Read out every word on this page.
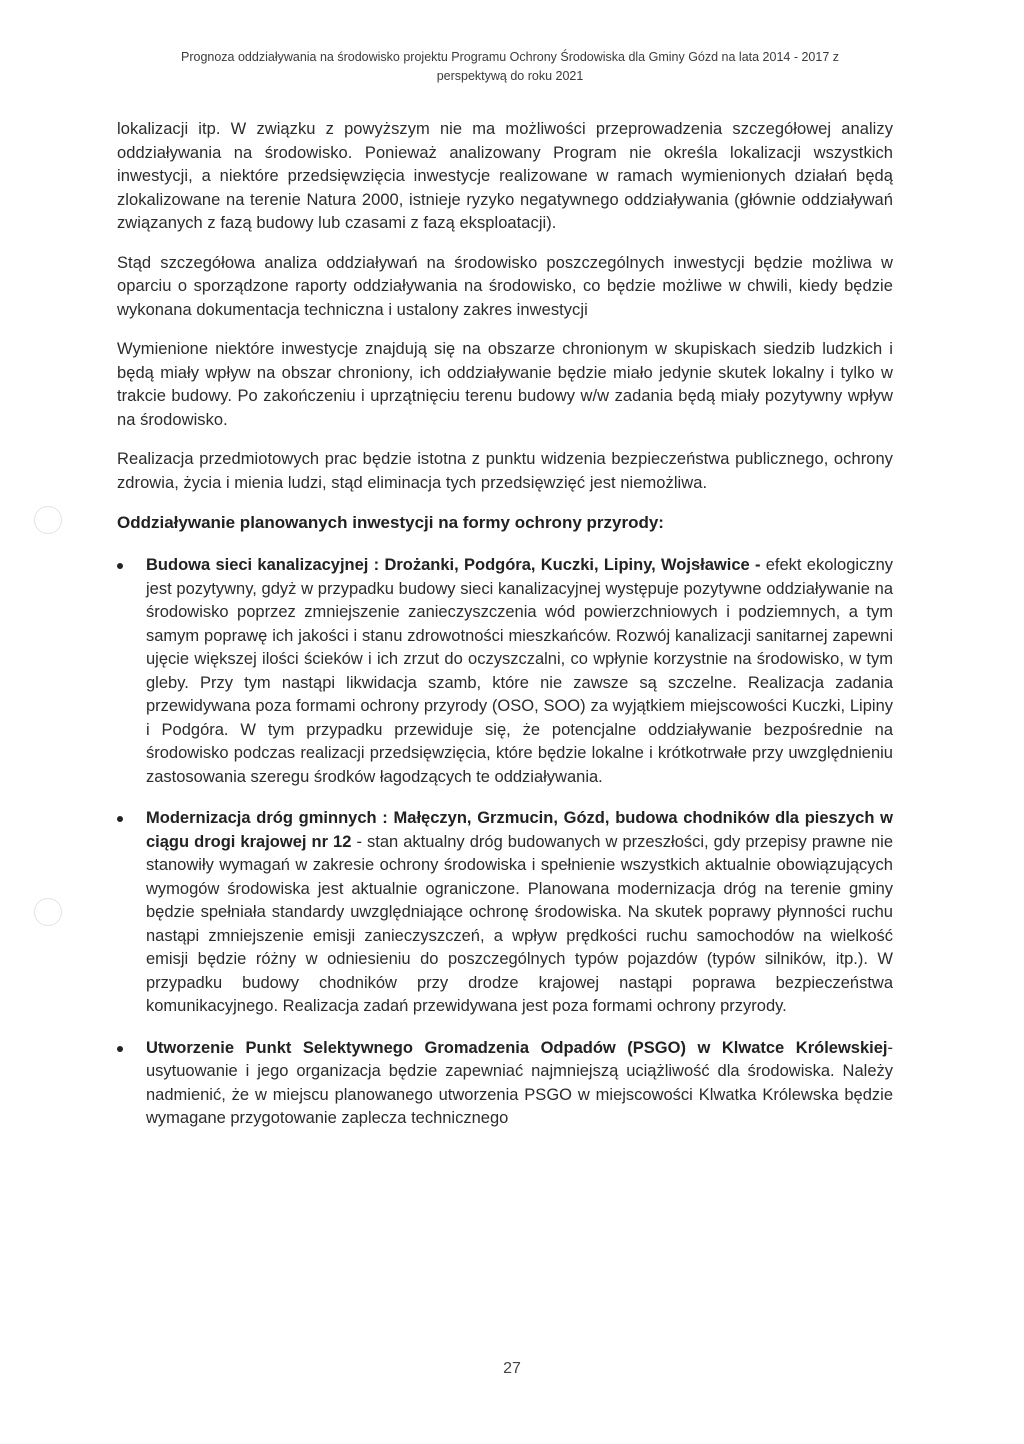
Prognoza oddziaływania na środowisko projektu Programu Ochrony Środowiska dla Gminy Gózd na lata 2014 - 2017 z
perspektywą do roku 2021

lokalizacji itp. W związku z powyższym nie ma możliwości przeprowadzenia szczegółowej analizy oddziaływania na środowisko. Ponieważ analizowany Program nie określa lokalizacji wszystkich inwestycji, a niektóre przedsięwzięcia inwestycje realizowane w ramach wymienionych działań będą zlokalizowane na terenie Natura 2000, istnieje ryzyko negatywnego oddziaływania (głównie oddziaływań związanych z fazą budowy lub czasami z fazą eksploatacji).

Stąd szczegółowa analiza oddziaływań na środowisko poszczególnych inwestycji będzie możliwa w oparciu o sporządzone raporty oddziaływania na środowisko, co będzie możliwe w chwili, kiedy będzie wykonana dokumentacja techniczna i ustalony zakres inwestycji

Wymienione niektóre inwestycje znajdują się na obszarze chronionym w skupiskach siedzib ludzkich i będą miały wpływ na obszar chroniony, ich oddziaływanie będzie miało jedynie skutek lokalny i tylko w trakcie budowy. Po zakończeniu i uprzątnięciu terenu budowy w/w zadania będą miały pozytywny wpływ na środowisko.

Realizacja przedmiotowych prac będzie istotna z punktu widzenia bezpieczeństwa publicznego, ochrony zdrowia, życia i mienia ludzi, stąd eliminacja tych przedsięwzięć jest niemożliwa.

Oddziaływanie planowanych inwestycji na formy ochrony przyrody:
Budowa sieci kanalizacyjnej : Drożanki, Podgóra, Kuczki, Lipiny, Wojsławice - efekt ekologiczny jest pozytywny, gdyż w przypadku budowy sieci kanalizacyjnej występuje pozytywne oddziaływanie na środowisko poprzez zmniejszenie zanieczyszczenia wód powierzchniowych i podziemnych, a tym samym poprawę ich jakości i stanu zdrowotności mieszkańców. Rozwój kanalizacji sanitarnej zapewni ujęcie większej ilości ścieków i ich zrzut do oczyszczalni, co wpłynie korzystnie na środowisko, w tym gleby. Przy tym nastąpi likwidacja szamb, które nie zawsze są szczelne. Realizacja zadania przewidywana poza formami ochrony przyrody (OSO, SOO) za wyjątkiem miejscowości Kuczki, Lipiny i Podgóra. W tym przypadku przewiduje się, że potencjalne oddziaływanie bezpośrednie na środowisko podczas realizacji przedsięwzięcia, które będzie lokalne i krótkotrwałe przy uwzględnieniu zastosowania szeregu środków łagodzących te oddziaływania.
Modernizacja dróg gminnych : Małęczyn, Grzmucin, Gózd, budowa chodników dla pieszych w ciągu drogi krajowej nr 12 - stan aktualny dróg budowanych w przeszłości, gdy przepisy prawne nie stanowiły wymagań w zakresie ochrony środowiska i spełnienie wszystkich aktualnie obowiązujących wymogów środowiska jest aktualnie ograniczone. Planowana modernizacja dróg na terenie gminy będzie spełniała standardy uwzględniające ochronę środowiska. Na skutek poprawy płynności ruchu nastąpi zmniejszenie emisji zanieczyszczeń, a wpływ prędkości ruchu samochodów na wielkość emisji będzie różny w odniesieniu do poszczególnych typów pojazdów (typów silników, itp.). W przypadku budowy chodników przy drodze krajowej nastąpi poprawa bezpieczeństwa komunikacyjnego. Realizacja zadań przewidywana jest poza formami ochrony przyrody.
Utworzenie Punkt Selektywnego Gromadzenia Odpadów (PSGO) w Klwatce Królewskiej- usytuowanie i jego organizacja będzie zapewniać najmniejszą uciążliwość dla środowiska. Należy nadmienić, że w miejscu planowanego utworzenia PSGO w miejscowości Klwatka Królewska będzie wymagane przygotowanie zaplecza technicznego
27
